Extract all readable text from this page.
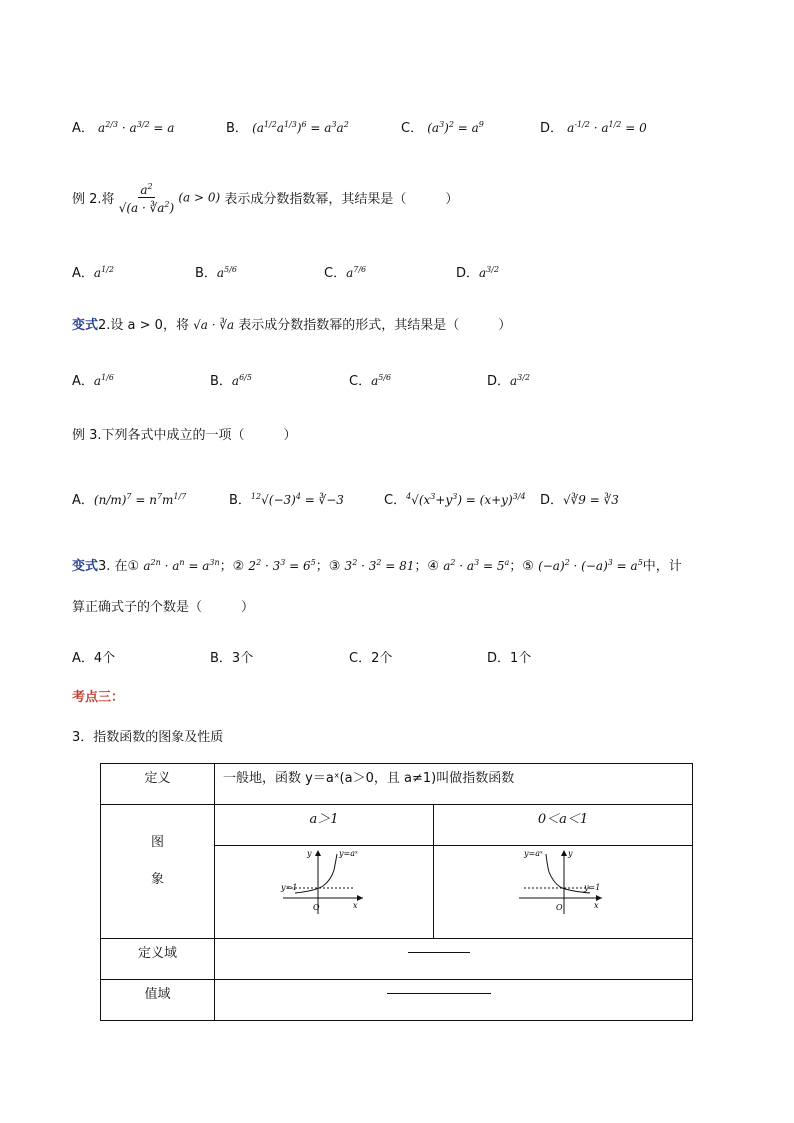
A． $a^{2/3} \cdot a^{3/2} = a$	B． $(a^{1/2}a^{1/3})^6 = a^3a^2$	C． $(a^3)^2 = a^9$	D． $a^{-1/2} \cdot a^{1/2} = 0$
例 2.将 $\frac{a^2}{√(a \cdot ∛a^2)} (a > 0)$ 表示成分数指数幂，其结果是（　　　）
A．$a^{1/2}$	B．$a^{5/6}$	C．$a^{7/6}$	D．$a^{3/2}$
变式2.设 a > 0，将 √a · ∛a 表示成分数指数幂的形式，其结果是（　　　）
A．$a^{1/6}$	B．$a^{6/5}$	C．$a^{5/6}$	D．$a^{3/2}$
例 3.下列各式中成立的一项（　　　）
A．$(n/m)^7 = n^7m^{1/7}$	B．$^{12}√(-3)^4$ = ∛−3	C．$^4√(x^3+y^3) = (x+y)^{3/4}$ D．√∛9 = ∛3
变式3. 在① $a^{2n} \cdot a^n = a^{3n}$；② $2^2 \cdot 3^3 = 6^5$；③ $3^2 \cdot 3^2 = 81$；④ $a^2 \cdot a^3 = 5^a$；⑤ $(-a)^2 \cdot (-a)^3 = a^5$中，计
算正确式子的个数是（　　　）
A．4个	B．3个	C．2个	D．1个
考点三：
3．指数函数的图象及性质
定义	一般地，函数 y＝aˣ(a＞0，且 a≠1)叫做指数函数	

图
象	a＞1	0＜a＜1

y y=aˣ
y=1
O x	y
y=aˣ
y=1
O x

定义域		
值域		
